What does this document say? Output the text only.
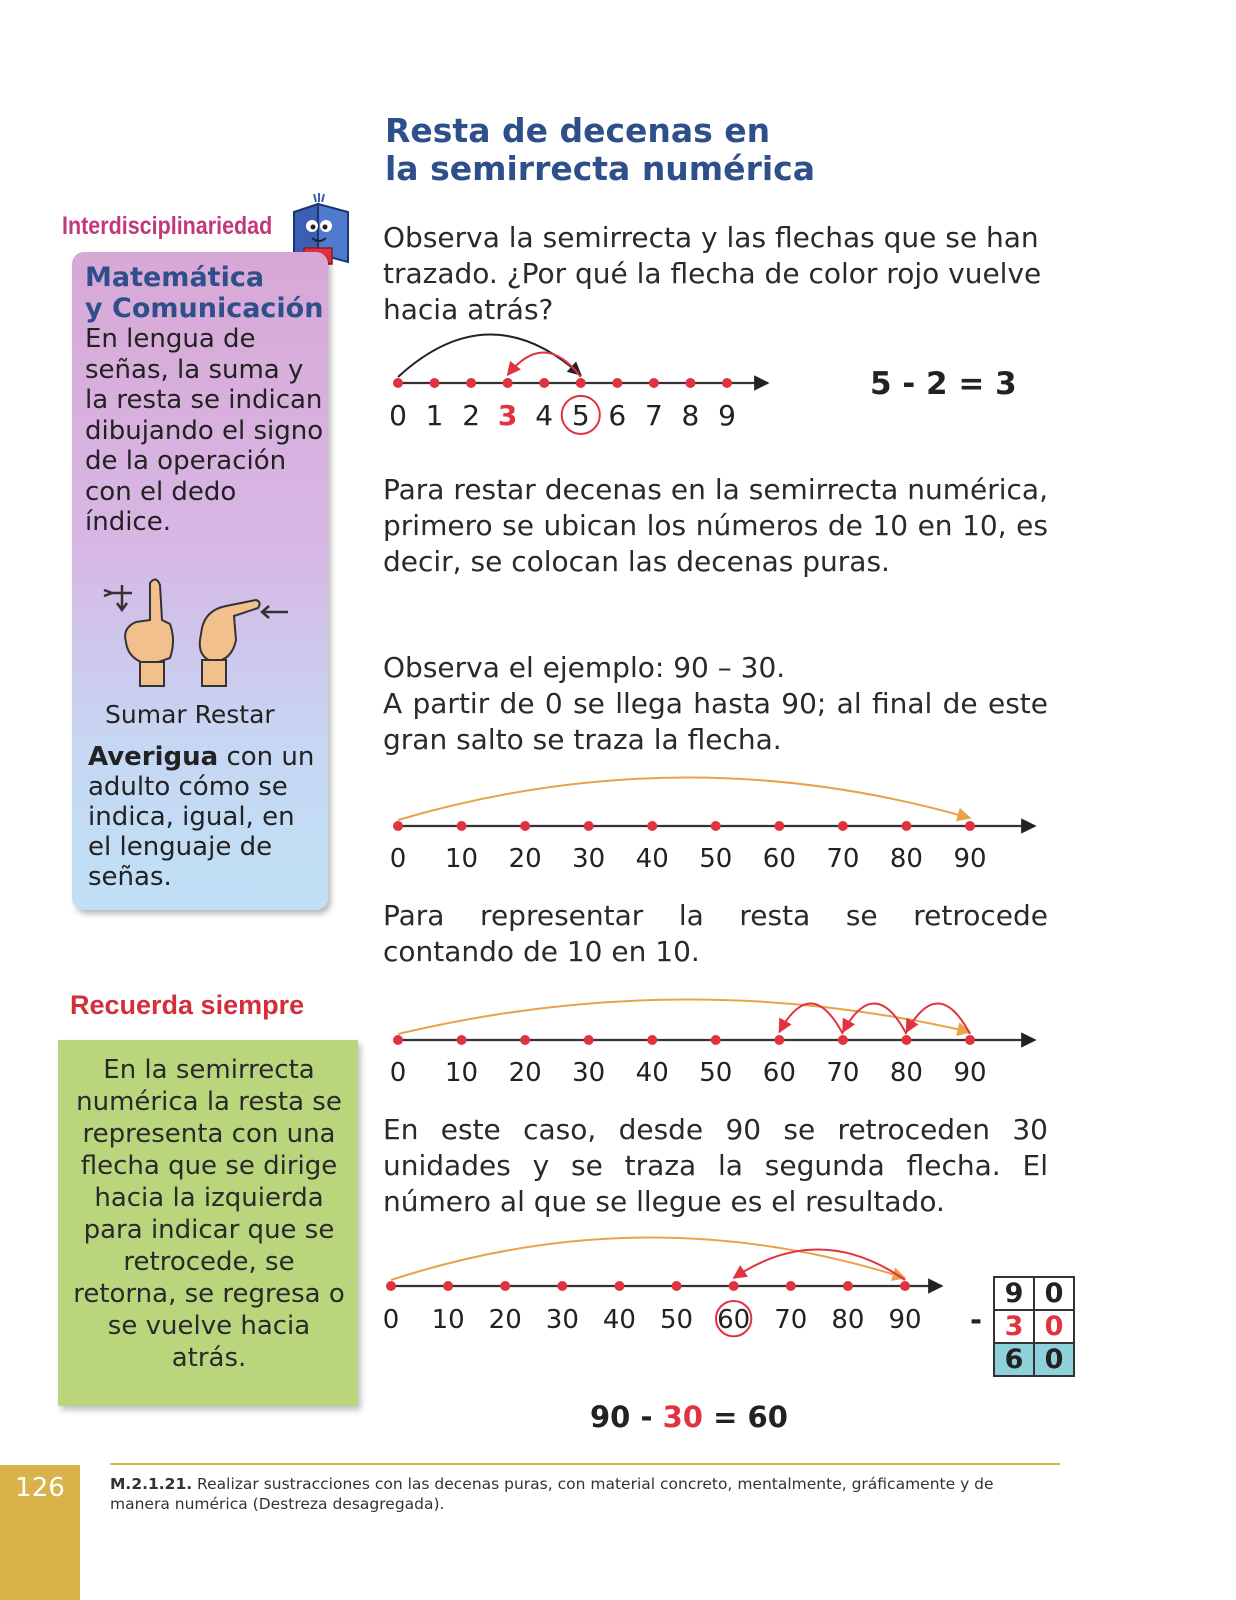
Resta de decenas en
la semirrecta numérica
Interdisciplinariedad
Matemática
y Comunicación
En lengua de señas, la suma y la resta se indican dibujando el signo de la operación con el dedo índice.
Sumar Restar
Averigua con un adulto cómo se indica, igual, en el lenguaje de señas.
Recuerda siempre
En la semirrecta numérica la resta se representa con una flecha que se dirige hacia la izquierda para indicar que se retrocede, se retorna, se regresa o se vuelve hacia atrás.
Observa la semirrecta y las flechas que se han trazado. ¿Por qué la flecha de color rojo vuelve hacia atrás?
5 - 2 = 3
Para restar decenas en la semirrecta numérica, primero se ubican los números de 10 en 10, es decir, se colocan las decenas puras.
Observa el ejemplo: 90 – 30.
A partir de 0 se llega hasta 90; al final de este gran salto se traza la flecha.
Para representar la resta se retrocede contando de 10 en 10.
En este caso, desde 90 se retroceden 30 unidades y se traza la segunda flecha. El número al que se llegue es el resultado.
0 1 2 3 4 5 6 7 8 9
0 10 20 30 40 50 60 70 80 90
0 10 20 30 40 50 60 70 80 90
0 10 20 30 40 50 60 70 80 90 -
9	0
3	0
6	0
90 - 30 = 60
M.2.1.21. Realizar sustracciones con las decenas puras, con material concreto, mentalmente, gráficamente y de manera numérica (Destreza desagregada).
126
